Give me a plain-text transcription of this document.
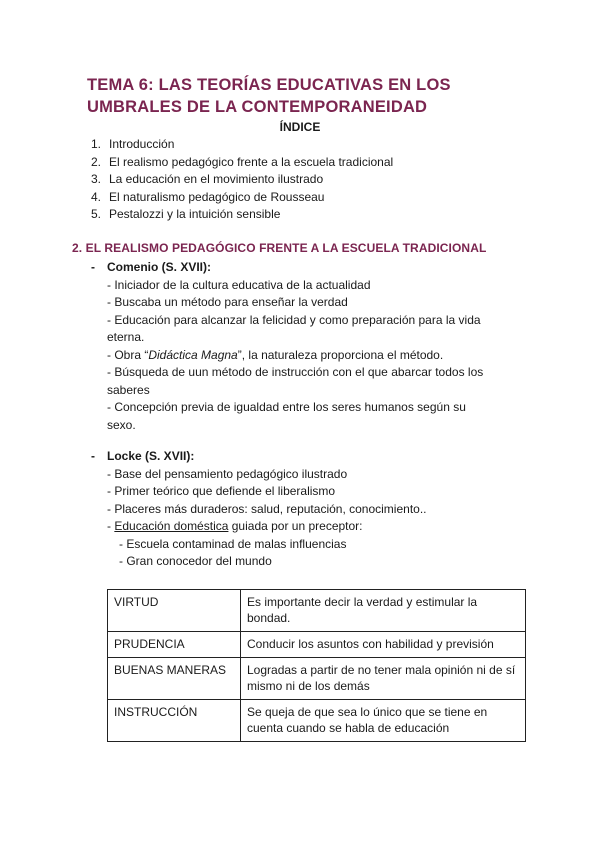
TEMA 6: LAS TEORÍAS EDUCATIVAS EN LOS UMBRALES DE LA CONTEMPORANEIDAD
ÍNDICE
1. Introducción
2. El realismo pedagógico frente a la escuela tradicional
3. La educación en el movimiento ilustrado
4. El naturalismo pedagógico de Rousseau
5. Pestalozzi y la intuición sensible
2. EL REALISMO PEDAGÓGICO FRENTE A LA ESCUELA TRADICIONAL
- Comenio (S. XVII):
- Iniciador de la cultura educativa de la actualidad
- Buscaba un método para enseñar la verdad
- Educación para alcanzar la felicidad y como preparación para la vida
eterna.
- Obra “Didáctica Magna”, la naturaleza proporciona el método.
- Búsqueda de uun método de instrucción con el que abarcar todos los
saberes
- Concepción previa de igualdad entre los seres humanos según su
sexo.
- Locke (S. XVII):
- Base del pensamiento pedagógico ilustrado
- Primer teórico que defiende el liberalismo
- Placeres más duraderos: salud, reputación, conocimiento..
- Educación doméstica guiada por un preceptor:
- Escuela contaminad de malas influencias
- Gran conocedor del mundo
VIRTUD	Es importante decir la verdad y estimular la bondad.
PRUDENCIA	Conducir los asuntos con habilidad y previsión
BUENAS MANERAS	Logradas a partir de no tener mala opinión ni de sí mismo ni de los demás
INSTRUCCIÓN	Se queja de que sea lo único que se tiene en cuenta cuando se habla de educación
